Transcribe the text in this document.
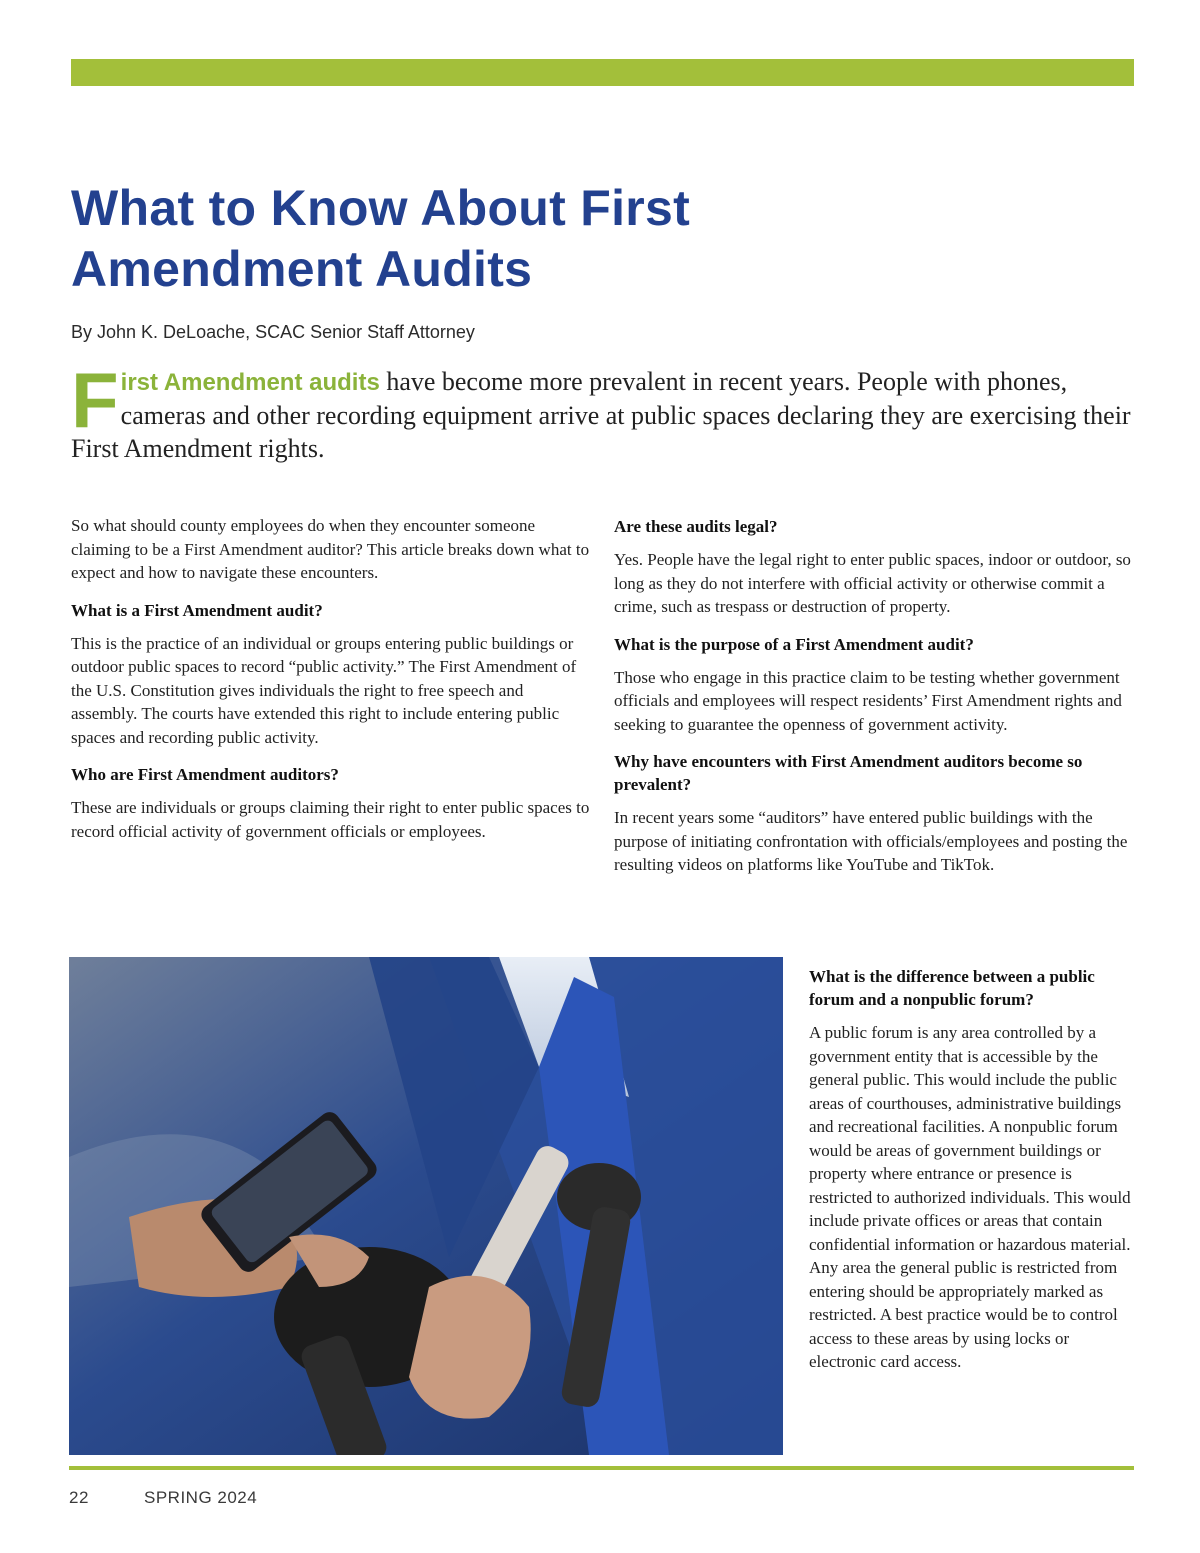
What to Know About First Amendment Audits
By John K. DeLoache, SCAC Senior Staff Attorney
First Amendment audits have become more prevalent in recent years. People with phones, cameras and other recording equipment arrive at public spaces declaring they are exercising their First Amendment rights.

So what should county employees do when they encounter someone claiming to be a First Amendment auditor? This article breaks down what to expect and how to navigate these encounters.

What is a First Amendment audit?

This is the practice of an individual or groups entering public buildings or outdoor public spaces to record “public activity.” The First Amendment of the U.S. Constitution gives individuals the right to free speech and assembly. The courts have extended this right to include entering public spaces and recording public activity.

Who are First Amendment auditors?

These are individuals or groups claiming their right to enter public spaces to record official activity of government officials or employees.

Are these audits legal?

Yes. People have the legal right to enter public spaces, indoor or outdoor, so long as they do not interfere with official activity or otherwise commit a crime, such as trespass or destruction of property.

What is the purpose of a First Amendment audit?

Those who engage in this practice claim to be testing whether government officials and employees will respect residents’ First Amendment rights and seeking to guarantee the openness of government activity.

Why have encounters with First Amendment auditors become so prevalent?

In recent years some “auditors” have entered public buildings with the purpose of initiating confrontation with officials/employees and posting the resulting videos on platforms like YouTube and TikTok.

What is the difference between a public forum and a nonpublic forum?

A public forum is any area controlled by a government entity that is accessible by the general public. This would include the public areas of courthouses, administrative buildings and recreational facilities. A nonpublic forum would be areas of government buildings or property where entrance or presence is restricted to authorized individuals. This would include private offices or areas that contain confidential information or hazardous material. Any area the general public is restricted from entering should be appropriately marked as restricted. A best practice would be to control access to these areas by using locks or electronic card access.

22	SPRING 2024
